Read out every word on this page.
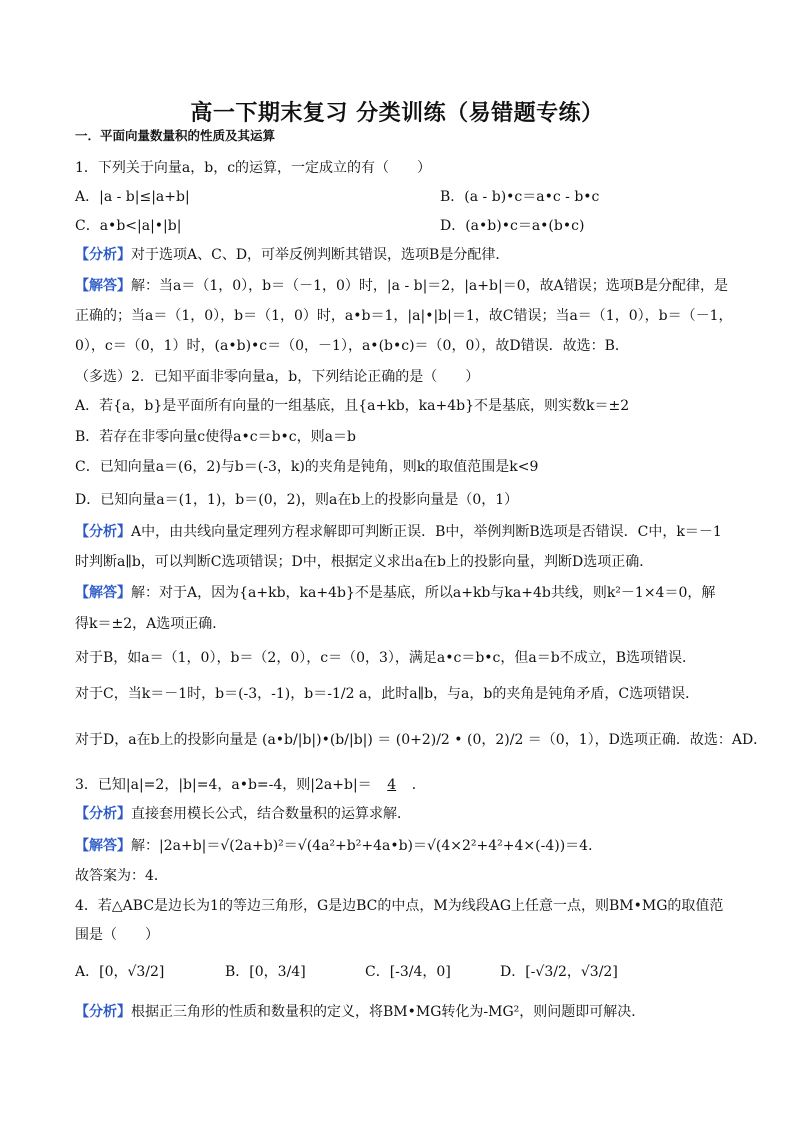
高一下期末复习 分类训练（易错题专练）
一．平面向量数量积的性质及其运算
1．下列关于向量a，b，c的运算，一定成立的有（　　）
A．|a - b|≤|a+b|	B．(a - b)•c＝a•c - b•c
C．a•b<|a|•|b|	D．(a•b)•c＝a•(b•c)
【分析】对于选项A、C、D，可举反例判断其错误，选项B是分配律．
【解答】解：当a＝（1，0），b＝（－1，0）时，|a - b|＝2，|a+b|＝0，故A错误；选项B是分配律，是
正确的；当a＝（1，0），b＝（1，0）时，a•b＝1，|a|•|b|＝1，故C错误；当a＝（1，0），b＝（－1，
0），c＝（0，1）时，(a•b)•c＝（0，－1），a•(b•c)＝（0，0），故D错误．故选：B．
（多选）2．已知平面非零向量a，b，下列结论正确的是（　　）
A．若{a，b}是平面所有向量的一组基底，且{a+kb，ka+4b}不是基底，则实数k＝±2
B．若存在非零向量c使得a•c＝b•c，则a＝b
C．已知向量a＝(6，2)与b＝(-3，k)的夹角是钝角，则k的取值范围是k<9
D．已知向量a＝(1，1)，b＝(0，2)，则a在b上的投影向量是（0，1）
【分析】A中，由共线向量定理列方程求解即可判断正误．B中，举例判断B选项是否错误．C中，k＝－1
时判断a∥b，可以判断C选项错误；D中，根据定义求出a在b上的投影向量，判断D选项正确．
【解答】解：对于A，因为{a+kb，ka+4b}不是基底，所以a+kb与ka+4b共线，则k²－1×4＝0，解
得k＝±2，A选项正确．
对于B，如a＝（1，0），b＝（2，0），c＝（0，3），满足a•c＝b•c，但a＝b不成立，B选项错误．
对于C，当k＝－1时，b＝(-3，-1)，b＝-1/2 a，此时a∥b，与a，b的夹角是钝角矛盾，C选项错误．
对于D，a在b上的投影向量是 (a•b/|b|)•(b/|b|) ＝ (0+2)/2 • (0，2)/2 ＝（0，1），D选项正确．故选：AD．
3．已知|a|=2，|b|=4，a•b=-4，则|2a+b|＝ 4 ．
【分析】直接套用模长公式，结合数量积的运算求解．
【解答】解：|2a+b|＝√(2a+b)²＝√(4a²+b²+4a•b)＝√(4×2²+4²+4×(-4))＝4．
故答案为：4．
4．若△ABC是边长为1的等边三角形，G是边BC的中点，M为线段AG上任意一点，则BM•MG的取值范
围是（　　）
A．[0，√3/2]	B．[0，3/4]	C．[-3/4，0]	D．[-√3/2，√3/2]
【分析】根据正三角形的性质和数量积的定义，将BM•MG转化为-MG²，则问题即可解决．
